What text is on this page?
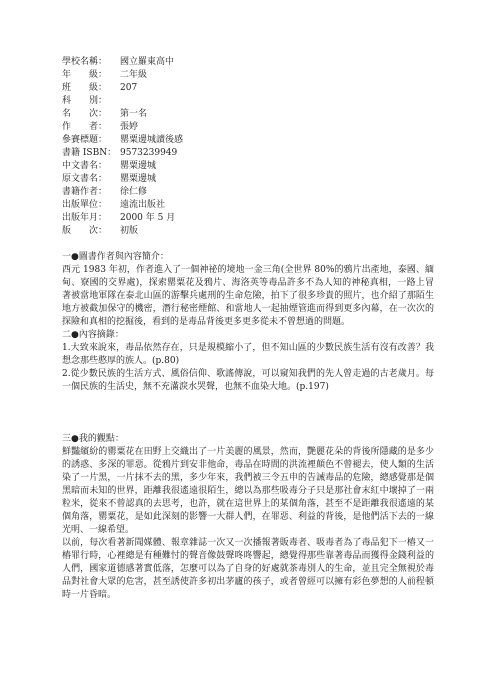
學校名稱：	國立羅東高中
年　　級：	二年級
班　　級：	207
科　　別：
名　　次：	第一名
作　　者：	張婷
參賽標題：	罌粟邊城讀後感
書籍 ISBN： 9573239949
中文書名：	罌粟邊城
原文書名：	罌粟邊城
書籍作者：	徐仁修
出版單位：	遠流出版社
出版年月：	2000 年 5 月
版　　次：	初版
一●圖書作者與內容簡介：

西元 1983 年初，作者進入了一個神祕的境地一金三角(全世界 80%的鴉片出產地，泰國、緬甸、寮國的交界處)，探索罌粟花及鴉片、海洛英等毒品許多不為人知的神秘真相，一路上冒著被當地軍隊在泰北山區的游擊兵處刑的生命危險，拍下了很多珍貴的照片，也介紹了那陌生地方被截加保守的機密，潛行秘密煙館、和當地人一起抽煙管進而得到更多內幕，在一次次的探險和真相的挖掘後，看到的是毒品背後更多更多從未不曾想過的問題。

二●內容摘錄：

1.大致來說來，毒品依然存在，只是規模縮小了，但不知山區的少數民族生活有沒有改善？我想念那些憨厚的族人。(p.80)

2.從少數民族的生活方式、風俗信仰、歌謠傳說，可以窺知我們的先人曾走過的古老歲月。每一個民族的生活史，無不充滿淚水哭聲，也無不血染大地。(p.197)

三●我的觀點：

鮮豔繽紛的罌粟花在田野上交織出了一片美麗的風景，然而，艷麗花朵的背後所隱藏的是多少的誘惑、多深的罪惡。從鴉片到安非他命，毒品在時間的洪流裡顛色不曾褪去，使人類的生活染了一片黑，一片抹不去的黑，多少年來，我們被三令五申的告誡毒品的危險，總感覺那是個黑暗而未知的世界，距離我很遙遠很陌生，總以為那些吸毒分子只是那社會末紅中壞掉了一兩粒米，從來不曾認真的去思考，也許，就在這世界上的某個角落，甚至不是距離我很遙遠的某個角落，罌粟花，是如此深刻的影響一大群人們，在罪惡、利益的背後，是他們活下去的一線光明、一線希望。

以前，每次看著新聞媒體、報章雜誌一次又一次播報著販毒者、吸毒者為了毒品犯下一樁又一樁罪行時，心裡總是有種難忖的聲音像鼓聲咚咚響起，總覺得那些靠著毒品而獲得金錢利益的人們，國家道德感著實低落，怎麼可以為了自身的好處就茶毒別人的生命，並且完全無視於毒品對社會大眾的危害，甚至誘使許多初出茅廬的孩子，或者曾經可以擁有彩色夢想的人前程頓時一片昏暗。
